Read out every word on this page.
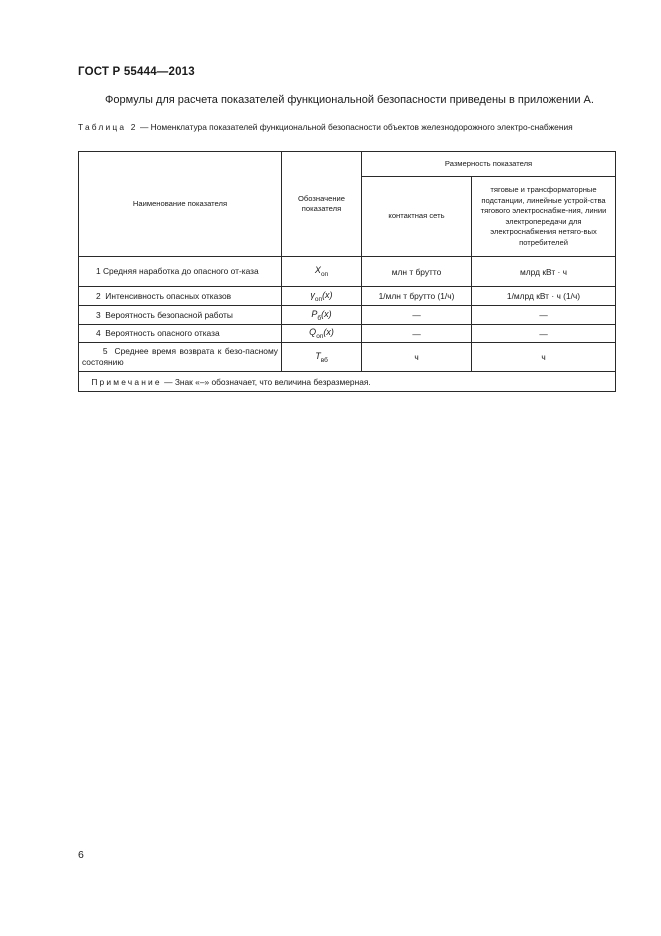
ГОСТ Р 55444—2013
Формулы для расчета показателей функциональной безопасности приведены в приложении А.
Таблица 2 — Номенклатура показателей функциональной безопасности объектов железнодорожного электро-снабжения
Наименование показателя	Обозначение показателя	Размерность показателя	
		контактная сеть	тяговые и трансформаторные подстанции, линейные устрой-ства тягового электроснабже-ния, линии электропередачи для электроснабжения нетяго-вых потребителей
1 Средняя наработка до опасного от-каза	$X_{оп}$	млн т брутто	млрд кВт · ч
2 Интенсивность опасных отказов	$\gamma_{оп}(x)$	1/млн т брутто (1/ч)	1/млрд кВт · ч (1/ч)
3 Вероятность безопасной работы	$P_б(x)$	—	—
4 Вероятность опасного отказа	$Q_{оп}(x)$	—	—
5 Среднее время возврата к безо-пасному состоянию	$T_{вб}$	ч	ч
Примечание — Знак «–» обозначает, что величина безразмерная.			
6
